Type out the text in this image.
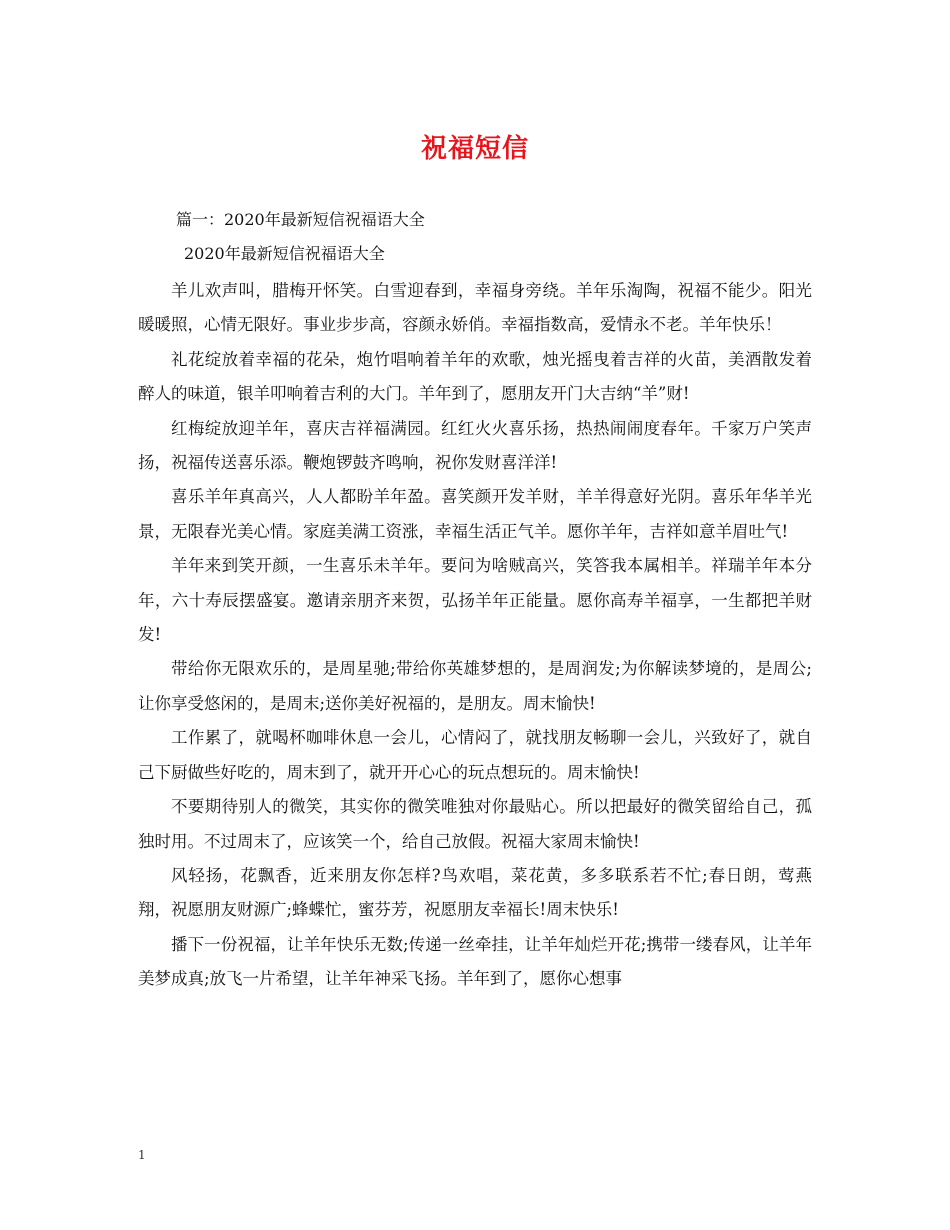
祝福短信

篇一：2020年最新短信祝福语大全

2020年最新短信祝福语大全

羊儿欢声叫，腊梅开怀笑。白雪迎春到，幸福身旁绕。羊年乐淘陶，祝福不能少。阳光暖暖照，心情无限好。事业步步高，容颜永娇俏。幸福指数高，爱情永不老。羊年快乐！

礼花绽放着幸福的花朵，炮竹唱响着羊年的欢歌，烛光摇曳着吉祥的火苗，美酒散发着醉人的味道，银羊叩响着吉利的大门。羊年到了，愿朋友开门大吉纳“羊”财!

红梅绽放迎羊年，喜庆吉祥福满园。红红火火喜乐扬，热热闹闹度春年。千家万户笑声扬，祝福传送喜乐添。鞭炮锣鼓齐鸣响，祝你发财喜洋洋!

喜乐羊年真高兴，人人都盼羊年盈。喜笑颜开发羊财，羊羊得意好光阴。喜乐年华羊光景，无限春光美心情。家庭美满工资涨，幸福生活正气羊。愿你羊年，吉祥如意羊眉吐气!

羊年来到笑开颜，一生喜乐未羊年。要问为啥贼高兴，笑答我本属相羊。祥瑞羊年本分年，六十寿辰摆盛宴。邀请亲朋齐来贺，弘扬羊年正能量。愿你高寿羊福享，一生都把羊财发!

带给你无限欢乐的，是周星驰;带给你英雄梦想的，是周润发;为你解读梦境的，是周公;让你享受悠闲的，是周末;送你美好祝福的，是朋友。周末愉快!

工作累了，就喝杯咖啡休息一会儿，心情闷了，就找朋友畅聊一会儿，兴致好了，就自己下厨做些好吃的，周末到了，就开开心心的玩点想玩的。周末愉快!

不要期待别人的微笑，其实你的微笑唯独对你最贴心。所以把最好的微笑留给自己，孤独时用。不过周末了，应该笑一个，给自己放假。祝福大家周末愉快!

风轻扬，花飘香，近来朋友你怎样?鸟欢唱，菜花黄，多多联系若不忙;春日朗，莺燕翔，祝愿朋友财源广;蜂蝶忙，蜜芬芳，祝愿朋友幸福长!周末快乐!

播下一份祝福，让羊年快乐无数;传递一丝牵挂，让羊年灿烂开花;携带一缕春风，让羊年美梦成真;放飞一片希望，让羊年神采飞扬。羊年到了，愿你心想事

1
